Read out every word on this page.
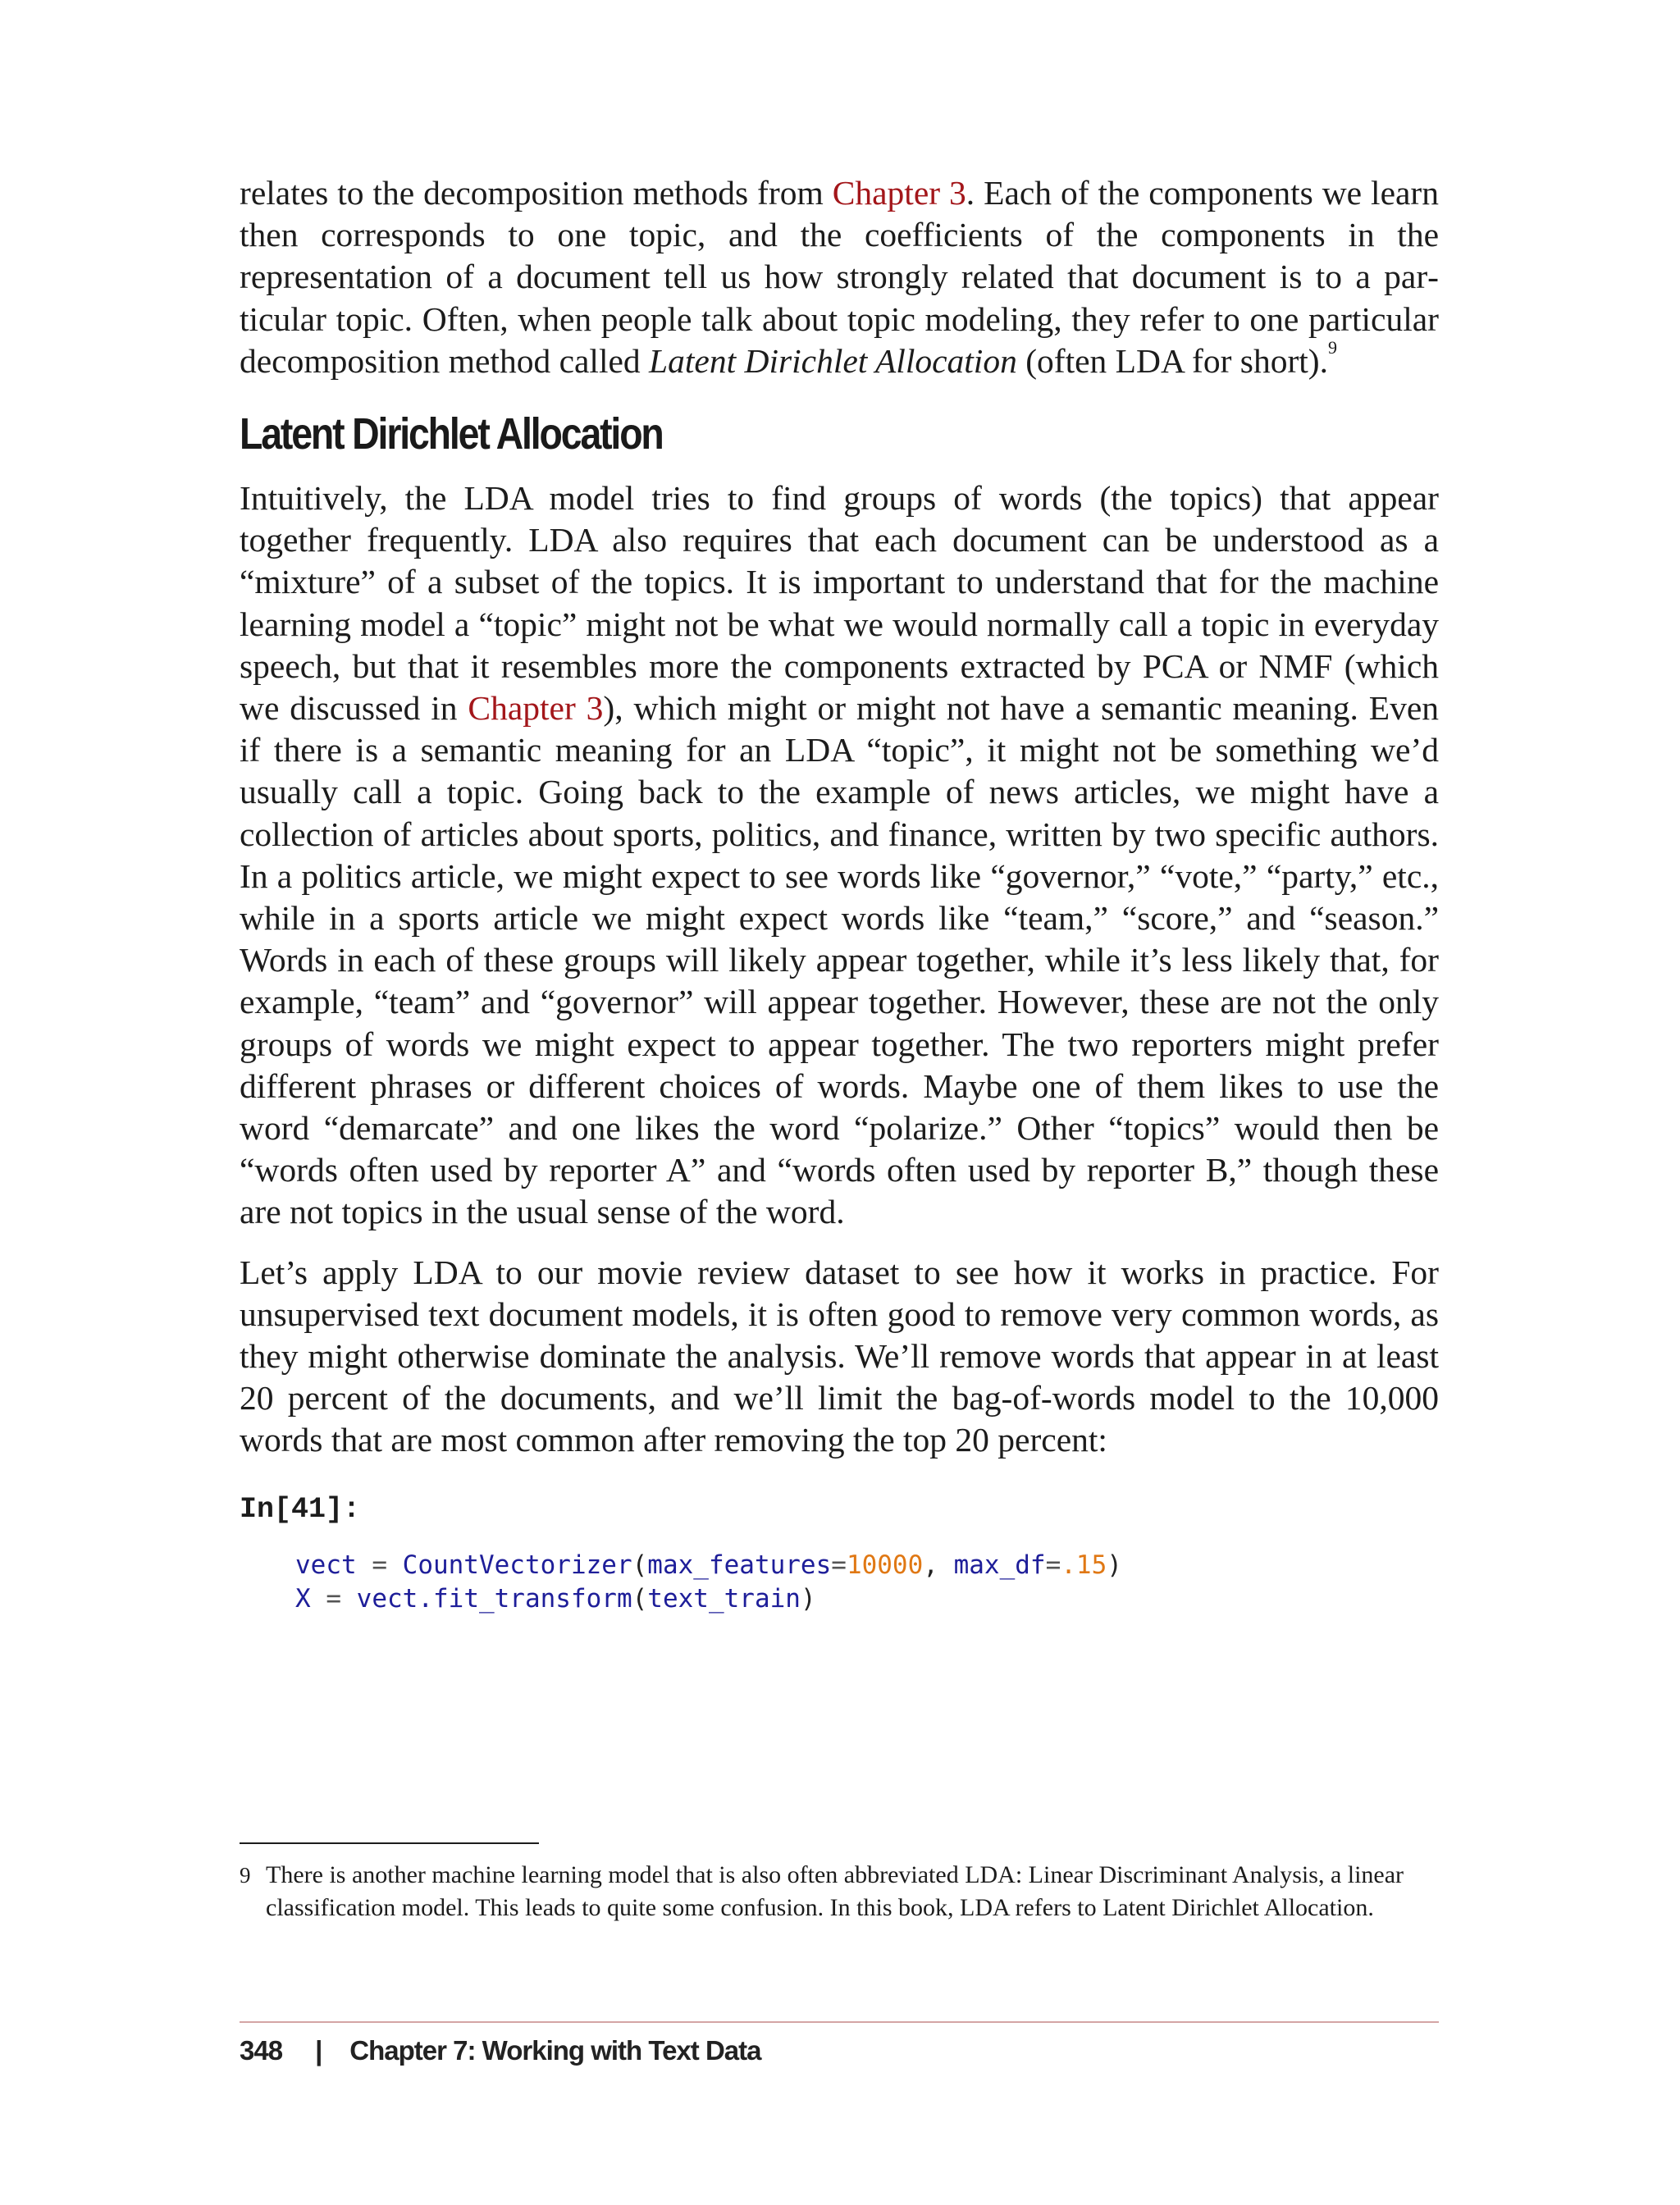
relates to the decomposition methods from Chapter 3. Each of the components we learn then corresponds to one topic, and the coefficients of the components in the representation of a document tell us how strongly related that document is to a particular topic. Often, when people talk about topic modeling, they refer to one particular decomposition method called Latent Dirichlet Allocation (often LDA for short).$^9$

Latent Dirichlet Allocation

Intuitively, the LDA model tries to find groups of words (the topics) that appear together frequently. LDA also requires that each document can be understood as a “mixture” of a subset of the topics. It is important to understand that for the machine learning model a “topic” might not be what we would normally call a topic in everyday speech, but that it resembles more the components extracted by PCA or NMF (which we discussed in Chapter 3), which might or might not have a semantic meaning. Even if there is a semantic meaning for an LDA “topic”, it might not be something we’d usually call a topic. Going back to the example of news articles, we might have a collection of articles about sports, politics, and finance, written by two specific authors. In a politics article, we might expect to see words like “governor,” “vote,” “party,” etc., while in a sports article we might expect words like “team,” “score,” and “season.” Words in each of these groups will likely appear together, while it’s less likely that, for example, “team” and “governor” will appear together. However, these are not the only groups of words we might expect to appear together. The two reporters might prefer different phrases or different choices of words. Maybe one of them likes to use the word “demarcate” and one likes the word “polarize.” Other “topics” would then be “words often used by reporter A” and “words often used by reporter B,” though these are not topics in the usual sense of the word.

Let’s apply LDA to our movie review dataset to see how it works in practice. For unsupervised text document models, it is often good to remove very common words, as they might otherwise dominate the analysis. We’ll remove words that appear in at least 20 percent of the documents, and we’ll limit the bag-of-words model to the 10,000 words that are most common after removing the top 20 percent:

In[41]:
vect = CountVectorizer(max_features=10000, max_df=.15)
X = vect.fit_transform(text_train)

9 There is another machine learning model that is also often abbreviated LDA: Linear Discriminant Analysis, a linear classification model. This leads to quite some confusion. In this book, LDA refers to Latent Dirichlet Allocation.

348 | Chapter 7: Working with Text Data
